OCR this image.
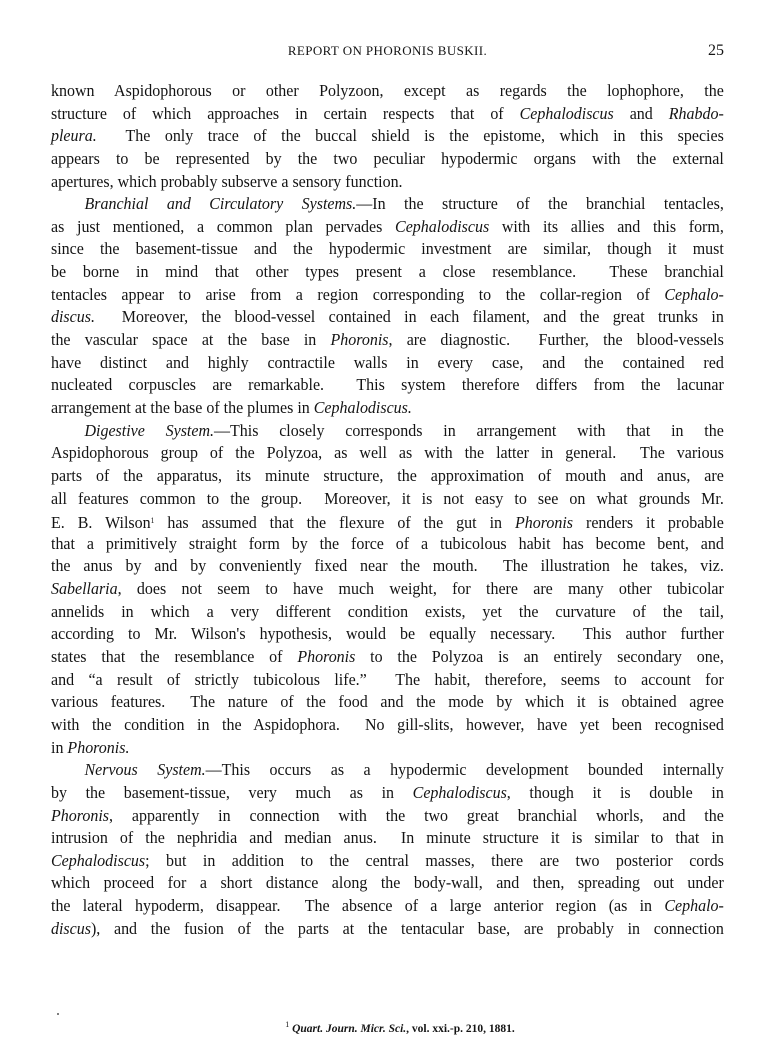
REPORT ON PHORONIS BUSKII.	25
known Aspidophorous or other Polyzoon, except as regards the lophophore, the
structure of which approaches in certain respects that of Cephalodiscus and Rhabdo-
pleura.  The only trace of the buccal shield is the epistome, which in this species
appears to be represented by the two peculiar hypodermic organs with the external
apertures, which probably subserve a sensory function.
Branchial and Circulatory Systems.—In the structure of the branchial tentacles,
as just mentioned, a common plan pervades Cephalodiscus with its allies and this form,
since the basement-tissue and the hypodermic investment are similar, though it must
be borne in mind that other types present a close resemblance.  These branchial
tentacles appear to arise from a region corresponding to the collar-region of Cephalo-
discus.  Moreover, the blood-vessel contained in each filament, and the great trunks in
the vascular space at the base in Phoronis, are diagnostic.  Further, the blood-vessels
have distinct and highly contractile walls in every case, and the contained red
nucleated corpuscles are remarkable.  This system therefore differs from the lacunar
arrangement at the base of the plumes in Cephalodiscus.
Digestive System.—This closely corresponds in arrangement with that in the
Aspidophorous group of the Polyzoa, as well as with the latter in general.  The various
parts of the apparatus, its minute structure, the approximation of mouth and anus, are
all features common to the group.  Moreover, it is not easy to see on what grounds Mr.
E. B. Wilson$^1$ has assumed that the flexure of the gut in Phoronis renders it probable
that a primitively straight form by the force of a tubicolous habit has become bent, and
the anus by and by conveniently fixed near the mouth.  The illustration he takes, viz.
Sabellaria, does not seem to have much weight, for there are many other tubicolar
annelids in which a very different condition exists, yet the curvature of the tail,
according to Mr. Wilson's hypothesis, would be equally necessary.  This author further
states that the resemblance of Phoronis to the Polyzoa is an entirely secondary one,
and “a result of strictly tubicolous life.”  The habit, therefore, seems to account for
various features.  The nature of the food and the mode by which it is obtained agree
with the condition in the Aspidophora.  No gill-slits, however, have yet been recognised
in Phoronis.
Nervous System.—This occurs as a hypodermic development bounded internally
by the basement-tissue, very much as in Cephalodiscus, though it is double in
Phoronis, apparently in connection with the two great branchial whorls, and the
intrusion of the nephridia and median anus.  In minute structure it is similar to that in
Cephalodiscus; but in addition to the central masses, there are two posterior cords
which proceed for a short distance along the body-wall, and then, spreading out under
the lateral hypoderm, disappear.  The absence of a large anterior region (as in Cephalo-
discus), and the fusion of the parts at the tentacular base, are probably in connection
$^1$ Quart. Journ. Micr. Sci., vol. xxi.-p. 210, 1881.
